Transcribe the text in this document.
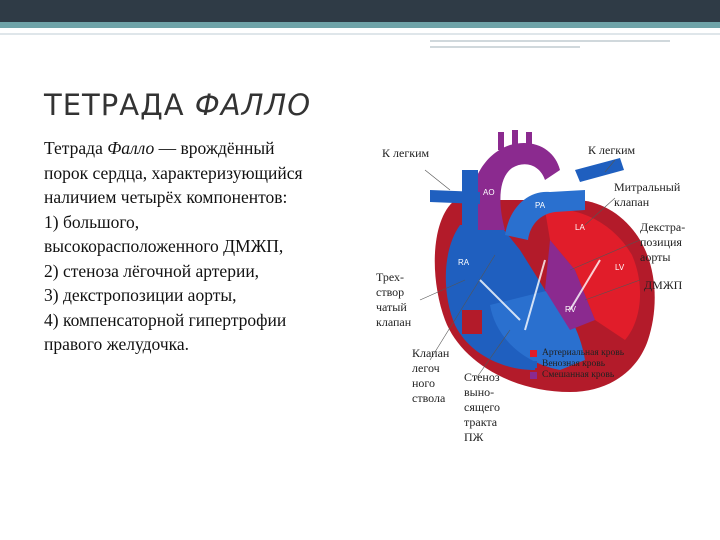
ТЕТРАДА ФАЛЛО

Тетрада Фалло — врождённый

порок сердца, характеризующийся

наличием четырёх компонентов:

1) большого,

высокорасположенного ДМЖП,

2) стеноза лёгочной артерии,

3) декстропозиции аорты,

4) компенсаторной гипертрофии

правого желудочка.

AO
PA
LA
RA
LV
RV
К легким	К легким
Митральный
клапан
Декстра-
позиция
аорты
ДМЖП
Трех-
створ
чатый
клапан
Клапан
легоч
ного
ствола
Стеноз
выно-
сящего
тракта
ПЖ
Артериальная кровь
Венозная кровь
Смешанная кровь
